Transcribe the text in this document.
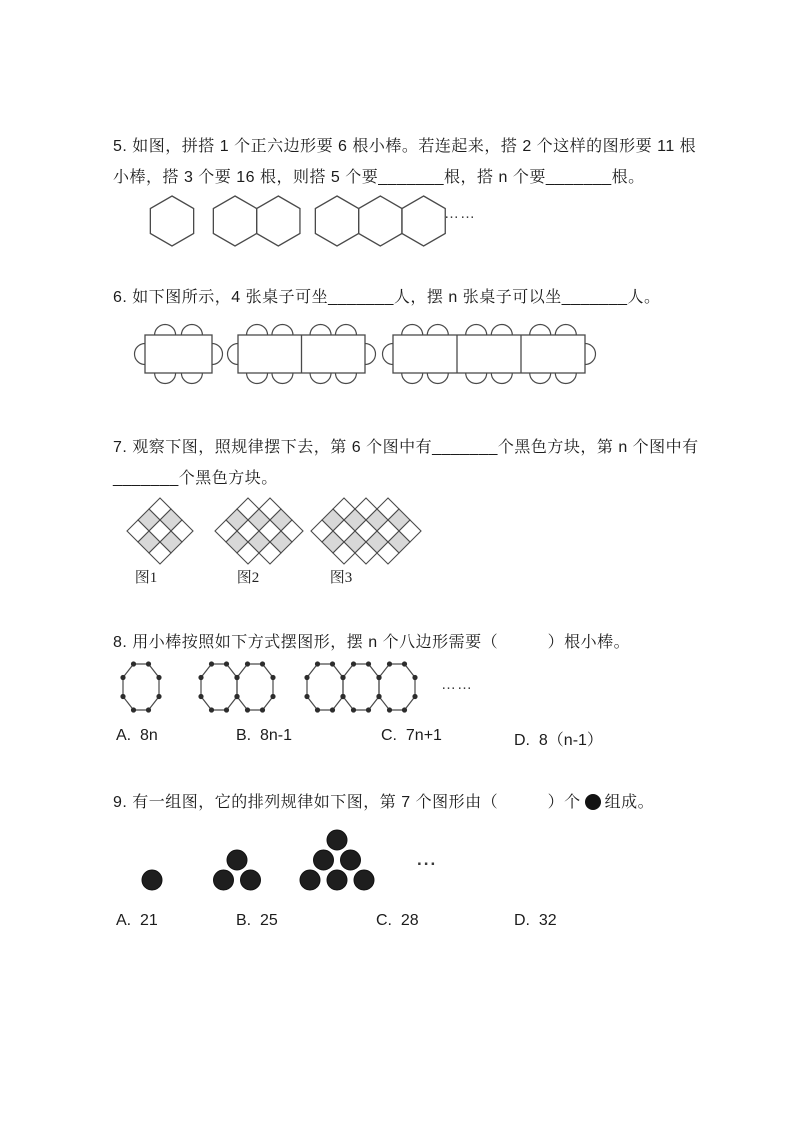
5. 如图，拼搭 1 个正六边形要 6 根小棒。若连起来，搭 2 个这样的图形要 11 根
小棒，搭 3 个要 16 根，则搭 5 个要_______根，搭 n 个要_______根。
……
6. 如下图所示，4 张桌子可坐_______人，摆 n 张桌子可以坐_______人。
7. 观察下图，照规律摆下去，第 6 个图中有_______个黑色方块，第 n 个图中有
_______个黑色方块。
图1	图2	图3
8. 用小棒按照如下方式摆图形，摆 n 个八边形需要（　　　）根小棒。
……
A.  8n	B.  8n-1	C.  7n+1	D.  8（n-1）
9. 有一组图，它的排列规律如下图，第 7 个图形由（　　　）个 组成。
...
A.  21	B.  25	C.  28	D.  32
